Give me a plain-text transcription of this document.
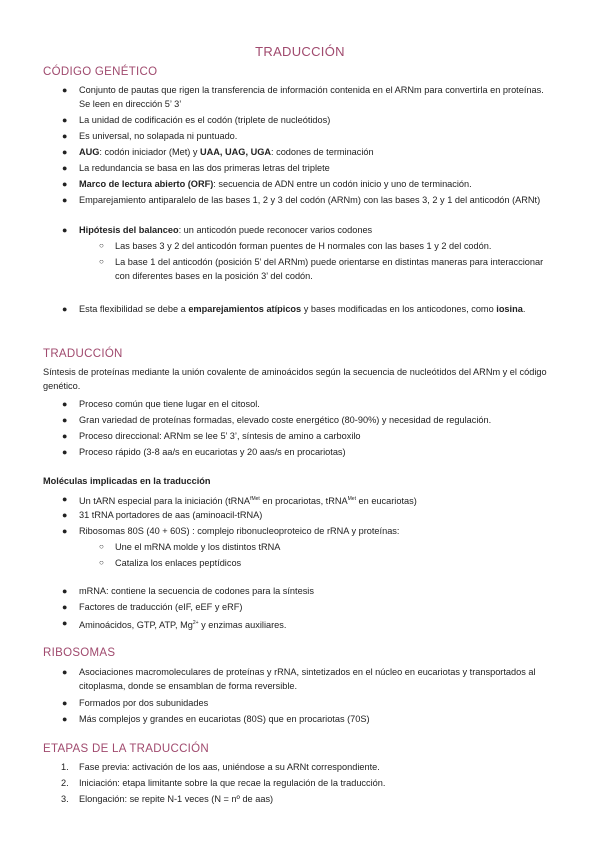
TRADUCCIÓN
CÓDIGO GENÉTICO
● Conjunto de pautas que rigen la transferencia de información contenida en el ARNm para convertirla en proteínas. Se leen en dirección 5’ 3’
● La unidad de codificación es el codón (triplete de nucleótidos)
● Es universal, no solapada ni puntuado.
● AUG: codón iniciador (Met) y UAA, UAG, UGA: codones de terminación
● La redundancia se basa en las dos primeras letras del triplete
● Marco de lectura abierto (ORF): secuencia de ADN entre un codón inicio y uno de terminación.
● Emparejamiento antiparalelo de las bases 1, 2 y 3 del codón (ARNm) con las bases 3, 2 y 1 del anticodón (ARNt)
● Hipótesis del balanceo: un anticodón puede reconocer varios codones
○ Las bases 3 y 2 del anticodón forman puentes de H normales con las bases 1 y 2 del codón.
○ La base 1 del anticodón (posición 5’ del ARNm) puede orientarse en distintas maneras para interaccionar con diferentes bases en la posición 3’ del codón.
● Esta flexibilidad se debe a emparejamientos atípicos y bases modificadas en los anticodones, como iosina.
TRADUCCIÓN
Síntesis de proteínas mediante la unión covalente de aminoácidos según la secuencia de nucleótidos del ARNm y el código genético.
● Proceso común que tiene lugar en el citosol.
● Gran variedad de proteínas formadas, elevado coste energético (80-90%) y necesidad de regulación.
● Proceso direccional: ARNm se lee 5’ 3’, síntesis de amino a carboxilo
● Proceso rápido (3-8 aa/s en eucariotas y 20 aas/s en procariotas)
Moléculas implicadas en la traducción
● Un tARN especial para la iniciación (tRNA$^{fMet}$ en procariotas, tRNA$^{Met}$ en eucariotas)
● 31 tRNA portadores de aas (aminoacil-tRNA)
● Ribosomas 80S (40 + 60S) : complejo ribonucleoproteico de rRNA y proteínas:
○ Une el mRNA molde y los distintos tRNA
○ Cataliza los enlaces peptídicos
● mRNA: contiene la secuencia de codones para la síntesis
● Factores de traducción (eIF, eEF y eRF)
● Aminoácidos, GTP, ATP, $Mg^{2+}$ y enzimas auxiliares.
RIBOSOMAS
● Asociaciones macromoleculares de proteínas y rRNA, sintetizados en el núcleo en eucariotas y transportados al citoplasma, donde se ensamblan de forma reversible.
● Formados por dos subunidades
● Más complejos y grandes en eucariotas (80S) que en procariotas (70S)
ETAPAS DE LA TRADUCCIÓN
1. Fase previa: activación de los aas, uniéndose a su ARNt correspondiente.
2. Iniciación: etapa limitante sobre la que recae la regulación de la traducción.
3. Elongación: se repite N-1 veces (N = nº de aas)
